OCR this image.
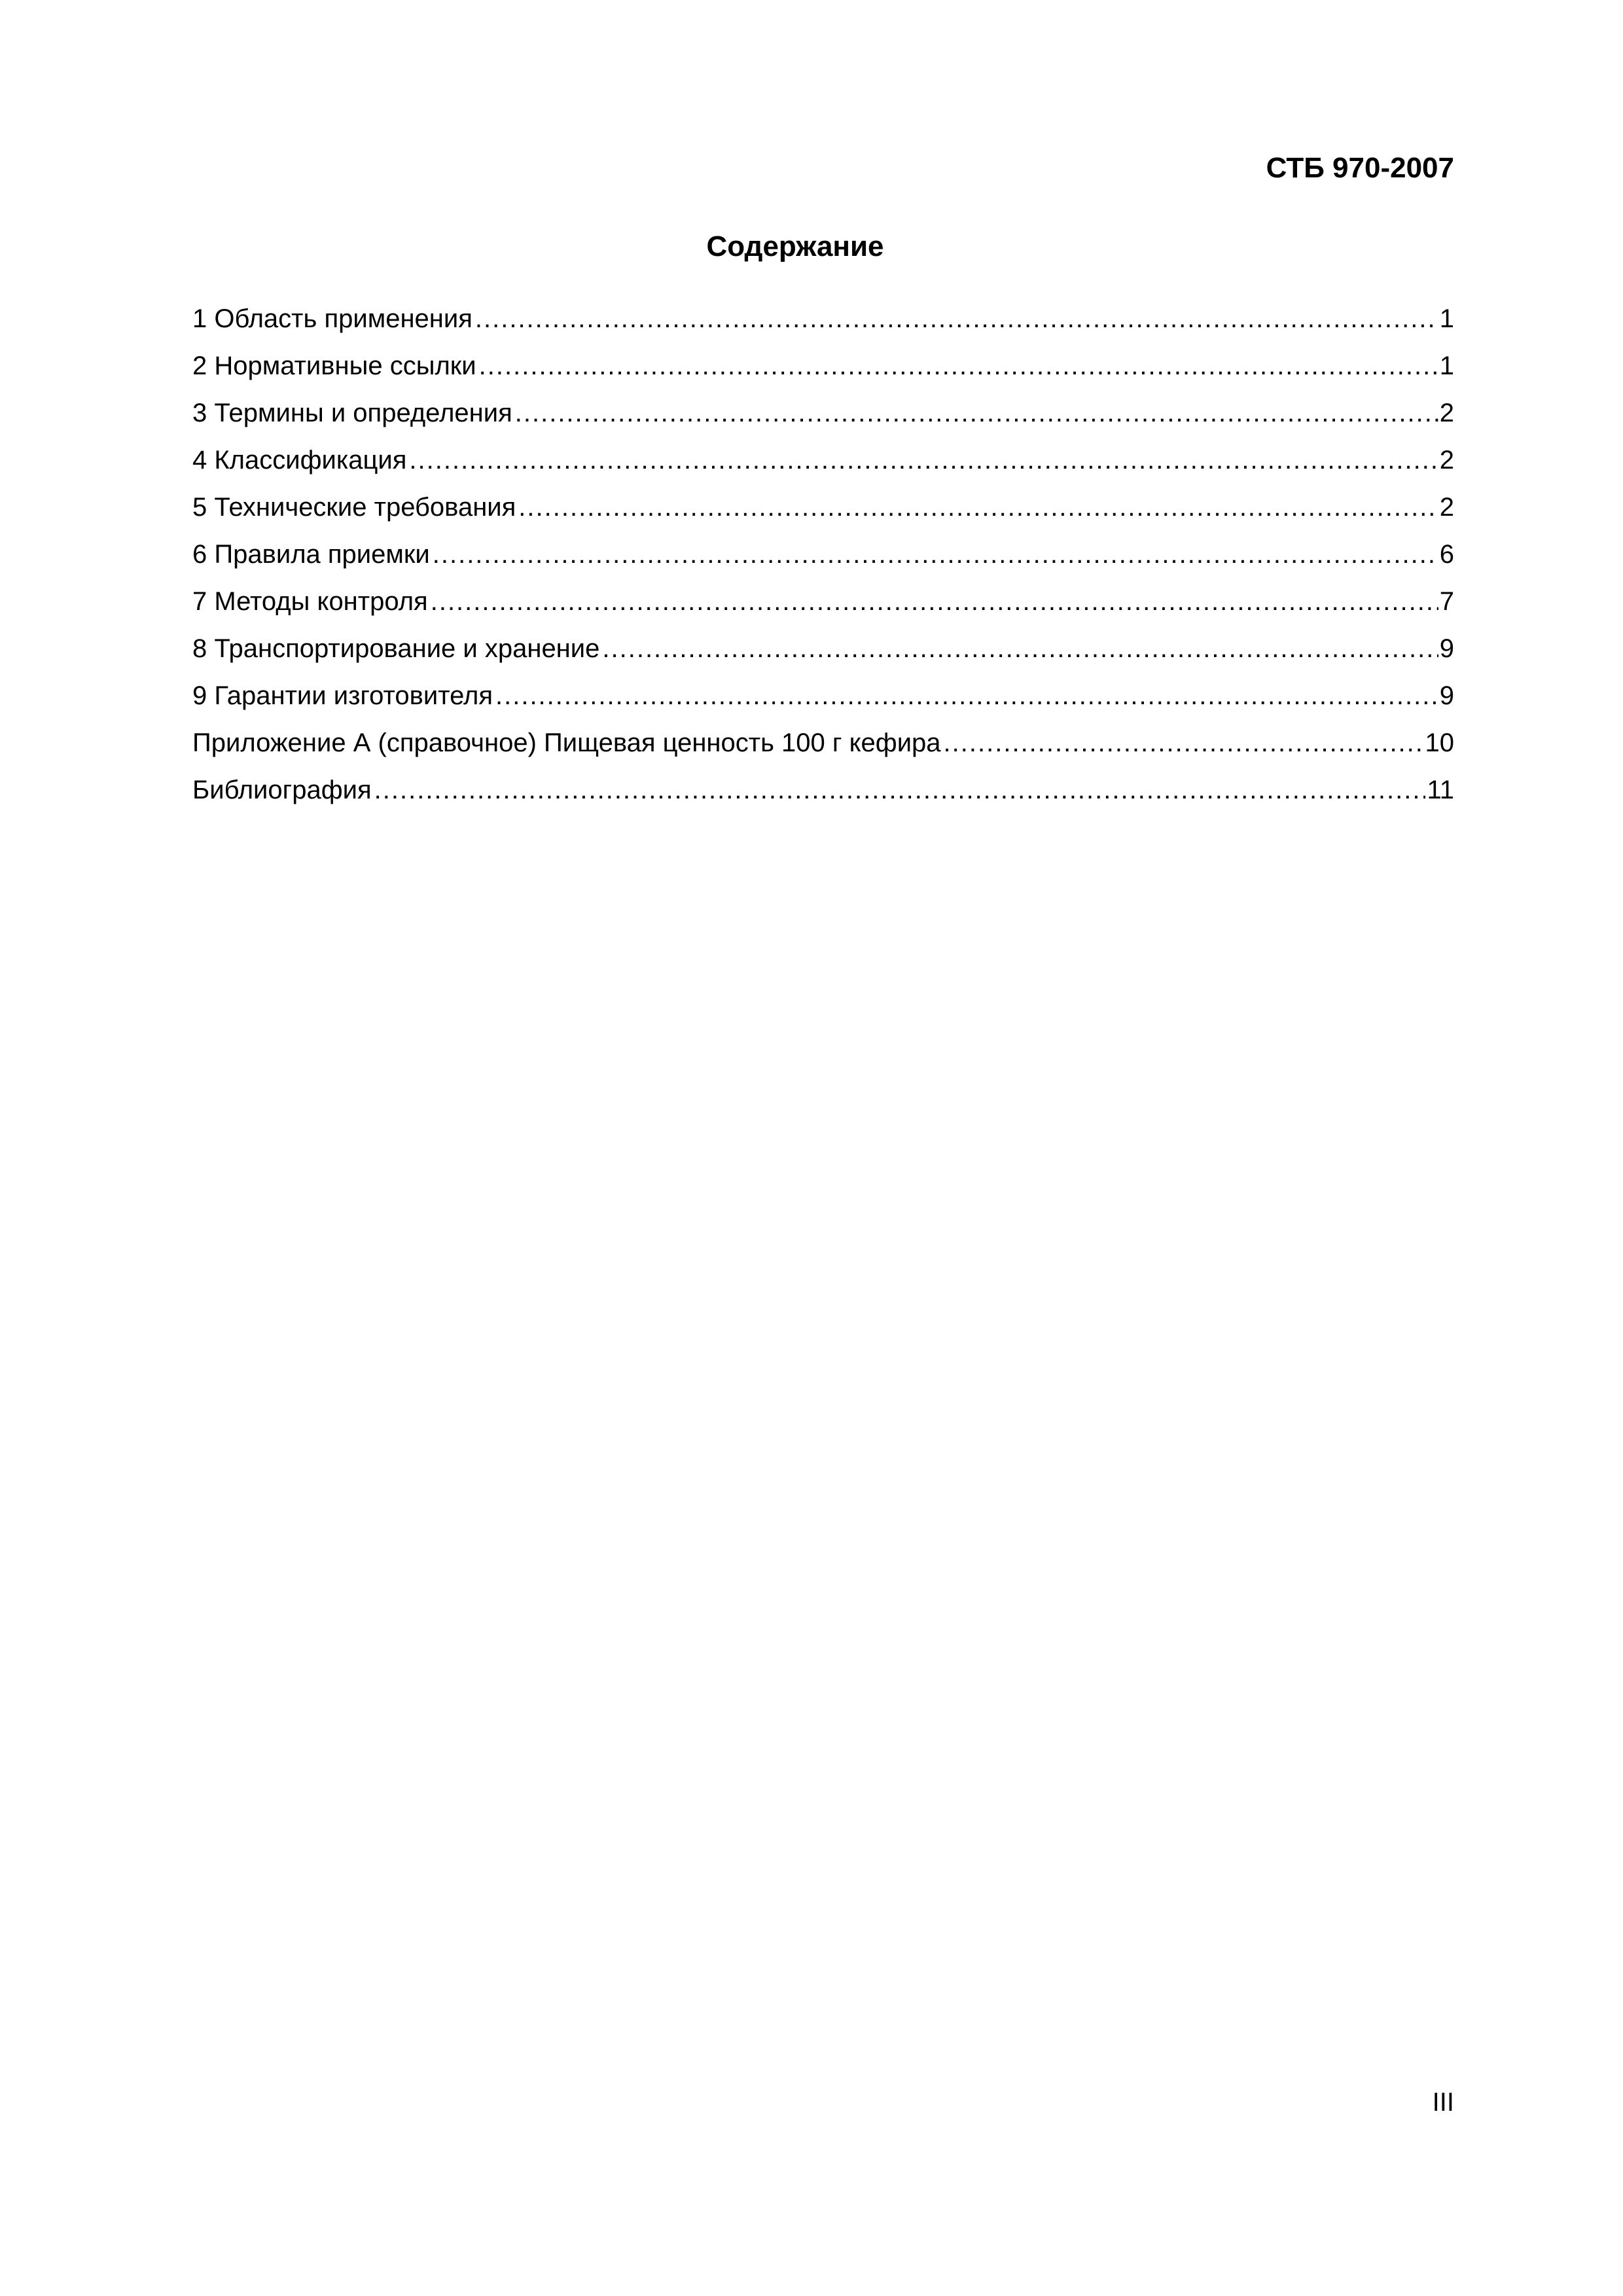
СТБ 970-2007
Содержание
1 Область применения .....	1
2 Нормативные ссылки .....	1
3 Термины и определения .....	2
4 Классификация .....	2
5 Технические требования .....	2
6 Правила приемки .....	6
7 Методы контроля .....	7
8 Транспортирование и хранение .....	9
9 Гарантии изготовителя .....	9
Приложение А (справочное) Пищевая ценность 100 г кефира .....	10
Библиография .....	11
III
